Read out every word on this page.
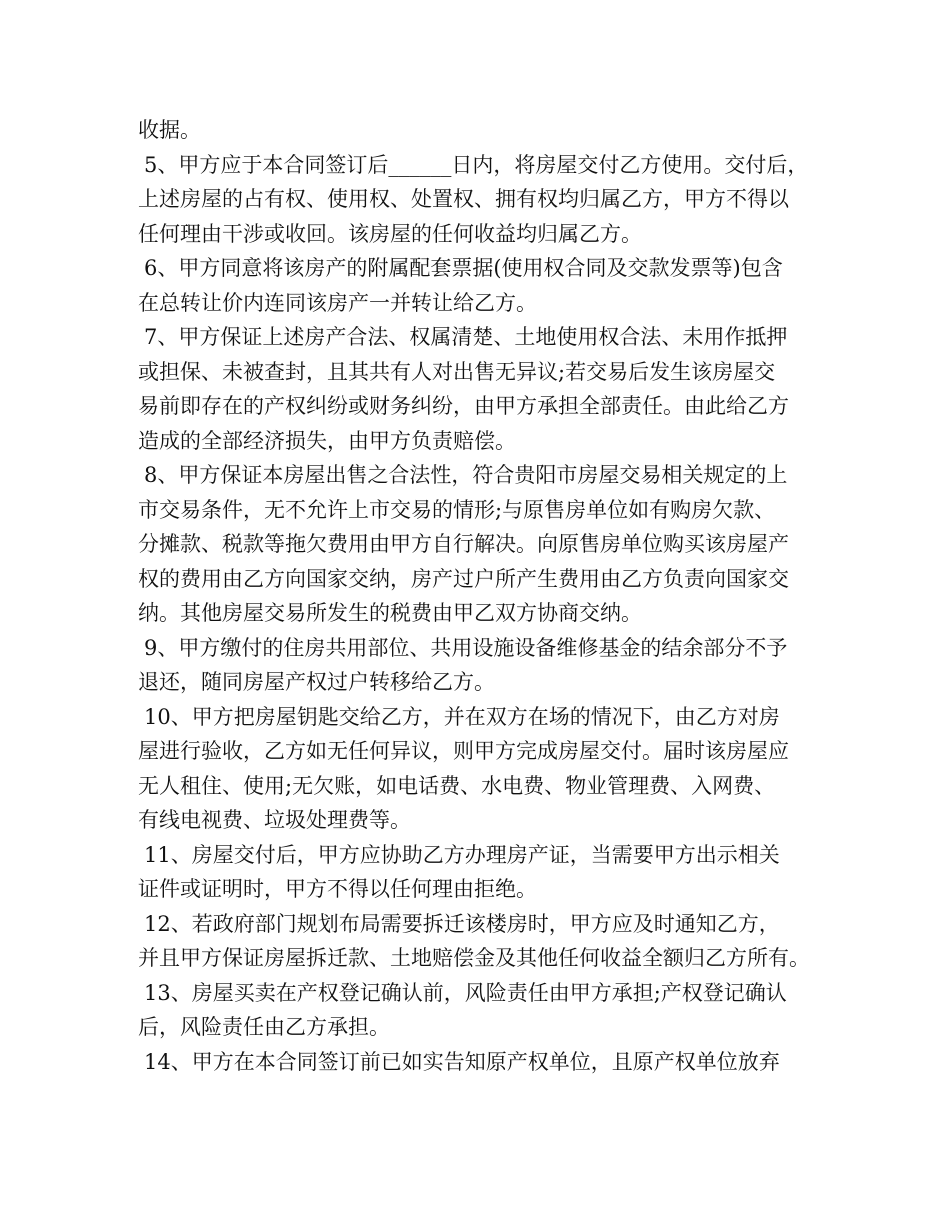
收据。
5、甲方应于本合同签订后______日内，将房屋交付乙方使用。交付后，
上述房屋的占有权、使用权、处置权、拥有权均归属乙方，甲方不得以
任何理由干涉或收回。该房屋的任何收益均归属乙方。
6、甲方同意将该房产的附属配套票据(使用权合同及交款发票等)包含
在总转让价内连同该房产一并转让给乙方。
7、甲方保证上述房产合法、权属清楚、土地使用权合法、未用作抵押
或担保、未被查封，且其共有人对出售无异议;若交易后发生该房屋交
易前即存在的产权纠纷或财务纠纷，由甲方承担全部责任。由此给乙方
造成的全部经济损失，由甲方负责赔偿。
8、甲方保证本房屋出售之合法性，符合贵阳市房屋交易相关规定的上
市交易条件，无不允许上市交易的情形;与原售房单位如有购房欠款、
分摊款、税款等拖欠费用由甲方自行解决。向原售房单位购买该房屋产
权的费用由乙方向国家交纳，房产过户所产生费用由乙方负责向国家交
纳。其他房屋交易所发生的税费由甲乙双方协商交纳。
9、甲方缴付的住房共用部位、共用设施设备维修基金的结余部分不予
退还，随同房屋产权过户转移给乙方。
10、甲方把房屋钥匙交给乙方，并在双方在场的情况下，由乙方对房
屋进行验收，乙方如无任何异议，则甲方完成房屋交付。届时该房屋应
无人租住、使用;无欠账，如电话费、水电费、物业管理费、入网费、
有线电视费、垃圾处理费等。
11、房屋交付后，甲方应协助乙方办理房产证，当需要甲方出示相关
证件或证明时，甲方不得以任何理由拒绝。
12、若政府部门规划布局需要拆迁该楼房时，甲方应及时通知乙方，
并且甲方保证房屋拆迁款、土地赔偿金及其他任何收益全额归乙方所有。
13、房屋买卖在产权登记确认前，风险责任由甲方承担;产权登记确认
后，风险责任由乙方承担。
14、甲方在本合同签订前已如实告知原产权单位，且原产权单位放弃
